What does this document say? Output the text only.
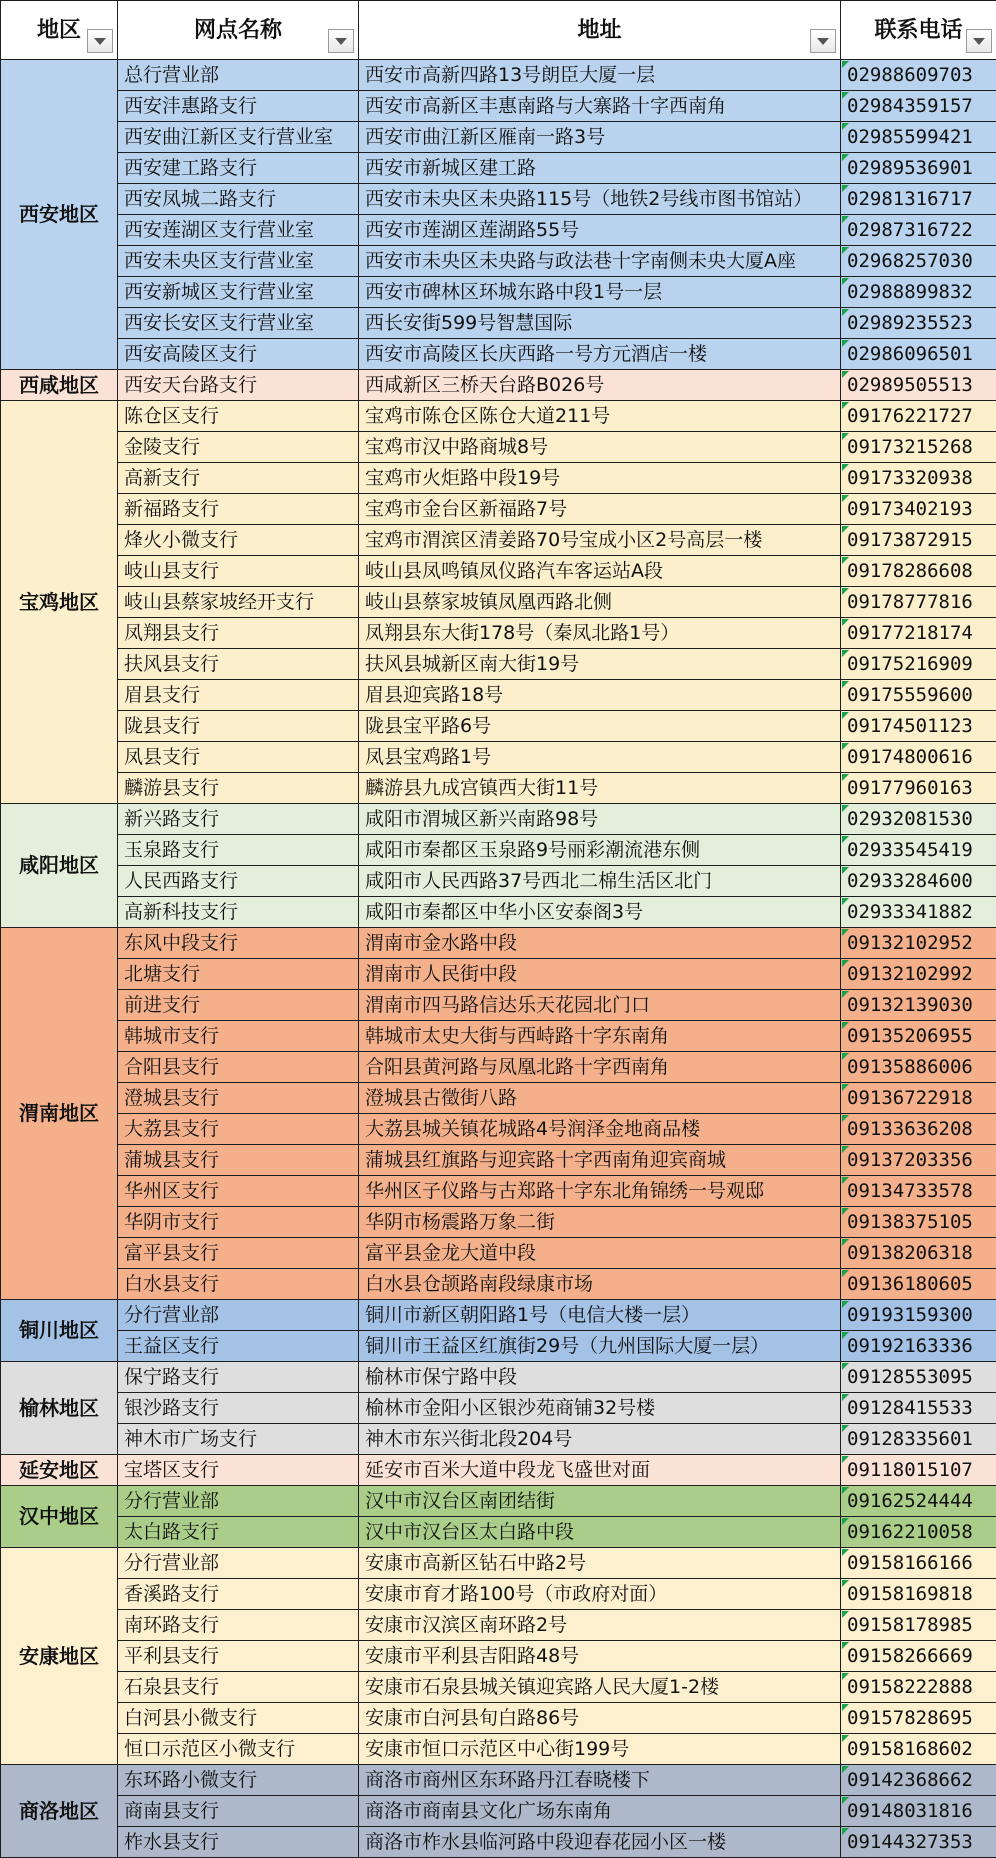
地区	网点名称	地址	联系电话

西安地区	总行营业部	西安市高新四路13号朗臣大厦一层	02988609703
	西安沣惠路支行	西安市高新区丰惠南路与大寨路十字西南角	02984359157
	西安曲江新区支行营业室	西安市曲江新区雁南一路3号	02985599421
	西安建工路支行	西安市新城区建工路	02989536901
	西安凤城二路支行	西安市未央区未央路115号（地铁2号线市图书馆站）	02981316717
	西安莲湖区支行营业室	西安市莲湖区莲湖路55号	02987316722
	西安未央区支行营业室	西安市未央区未央路与政法巷十字南侧未央大厦A座	02968257030
	西安新城区支行营业室	西安市碑林区环城东路中段1号一层	02988899832
	西安长安区支行营业室	西长安街599号智慧国际	02989235523
	西安高陵区支行	西安市高陵区长庆西路一号方元酒店一楼	02986096501
西咸地区	西安天台路支行	西咸新区三桥天台路B026号	02989505513
宝鸡地区	陈仓区支行	宝鸡市陈仓区陈仓大道211号	09176221727
	金陵支行	宝鸡市汉中路商城8号	09173215268
	高新支行	宝鸡市火炬路中段19号	09173320938
	新福路支行	宝鸡市金台区新福路7号	09173402193
	烽火小微支行	宝鸡市渭滨区清姜路70号宝成小区2号高层一楼	09173872915
	岐山县支行	岐山县凤鸣镇凤仪路汽车客运站A段	09178286608
	岐山县蔡家坡经开支行	岐山县蔡家坡镇凤凰西路北侧	09178777816
	凤翔县支行	凤翔县东大街178号（秦凤北路1号）	09177218174
	扶风县支行	扶风县城新区南大街19号	09175216909
	眉县支行	眉县迎宾路18号	09175559600
	陇县支行	陇县宝平路6号	09174501123
	凤县支行	凤县宝鸡路1号	09174800616
	麟游县支行	麟游县九成宫镇西大街11号	09177960163
咸阳地区	新兴路支行	咸阳市渭城区新兴南路98号	02932081530
	玉泉路支行	咸阳市秦都区玉泉路9号丽彩潮流港东侧	02933545419
	人民西路支行	咸阳市人民西路37号西北二棉生活区北门	02933284600
	高新科技支行	咸阳市秦都区中华小区安泰阁3号	02933341882
渭南地区	东风中段支行	渭南市金水路中段	09132102952
	北塘支行	渭南市人民街中段	09132102992
	前进支行	渭南市四马路信达乐天花园北门口	09132139030
	韩城市支行	韩城市太史大街与西峙路十字东南角	09135206955
	合阳县支行	合阳县黄河路与凤凰北路十字西南角	09135886006
	澄城县支行	澄城县古徵街八路	09136722918
	大荔县支行	大荔县城关镇花城路4号润泽金地商品楼	09133636208
	蒲城县支行	蒲城县红旗路与迎宾路十字西南角迎宾商城	09137203356
	华州区支行	华州区子仪路与古郑路十字东北角锦绣一号观邸	09134733578
	华阴市支行	华阴市杨震路万象二街	09138375105
	富平县支行	富平县金龙大道中段	09138206318
	白水县支行	白水县仓颉路南段绿康市场	09136180605
铜川地区	分行营业部	铜川市新区朝阳路1号（电信大楼一层）	09193159300
	王益区支行	铜川市王益区红旗街29号（九州国际大厦一层）	09192163336
榆林地区	保宁路支行	榆林市保宁路中段	09128553095
	银沙路支行	榆林市金阳小区银沙苑商铺32号楼	09128415533
	神木市广场支行	神木市东兴街北段204号	09128335601
延安地区	宝塔区支行	延安市百米大道中段龙飞盛世对面	09118015107
汉中地区	分行营业部	汉中市汉台区南团结街	09162524444
	太白路支行	汉中市汉台区太白路中段	09162210058
安康地区	分行营业部	安康市高新区钻石中路2号	09158166166
	香溪路支行	安康市育才路100号（市政府对面）	09158169818
	南环路支行	安康市汉滨区南环路2号	09158178985
	平利县支行	安康市平利县吉阳路48号	09158266669
	石泉县支行	安康市石泉县城关镇迎宾路人民大厦1-2楼	09158222888
	白河县小微支行	安康市白河县旬白路86号	09157828695
	恒口示范区小微支行	安康市恒口示范区中心街199号	09158168602
商洛地区	东环路小微支行	商洛市商州区东环路丹江春晓楼下	09142368662
	商南县支行	商洛市商南县文化广场东南角	09148031816
	柞水县支行	商洛市柞水县临河路中段迎春花园小区一楼	09144327353
